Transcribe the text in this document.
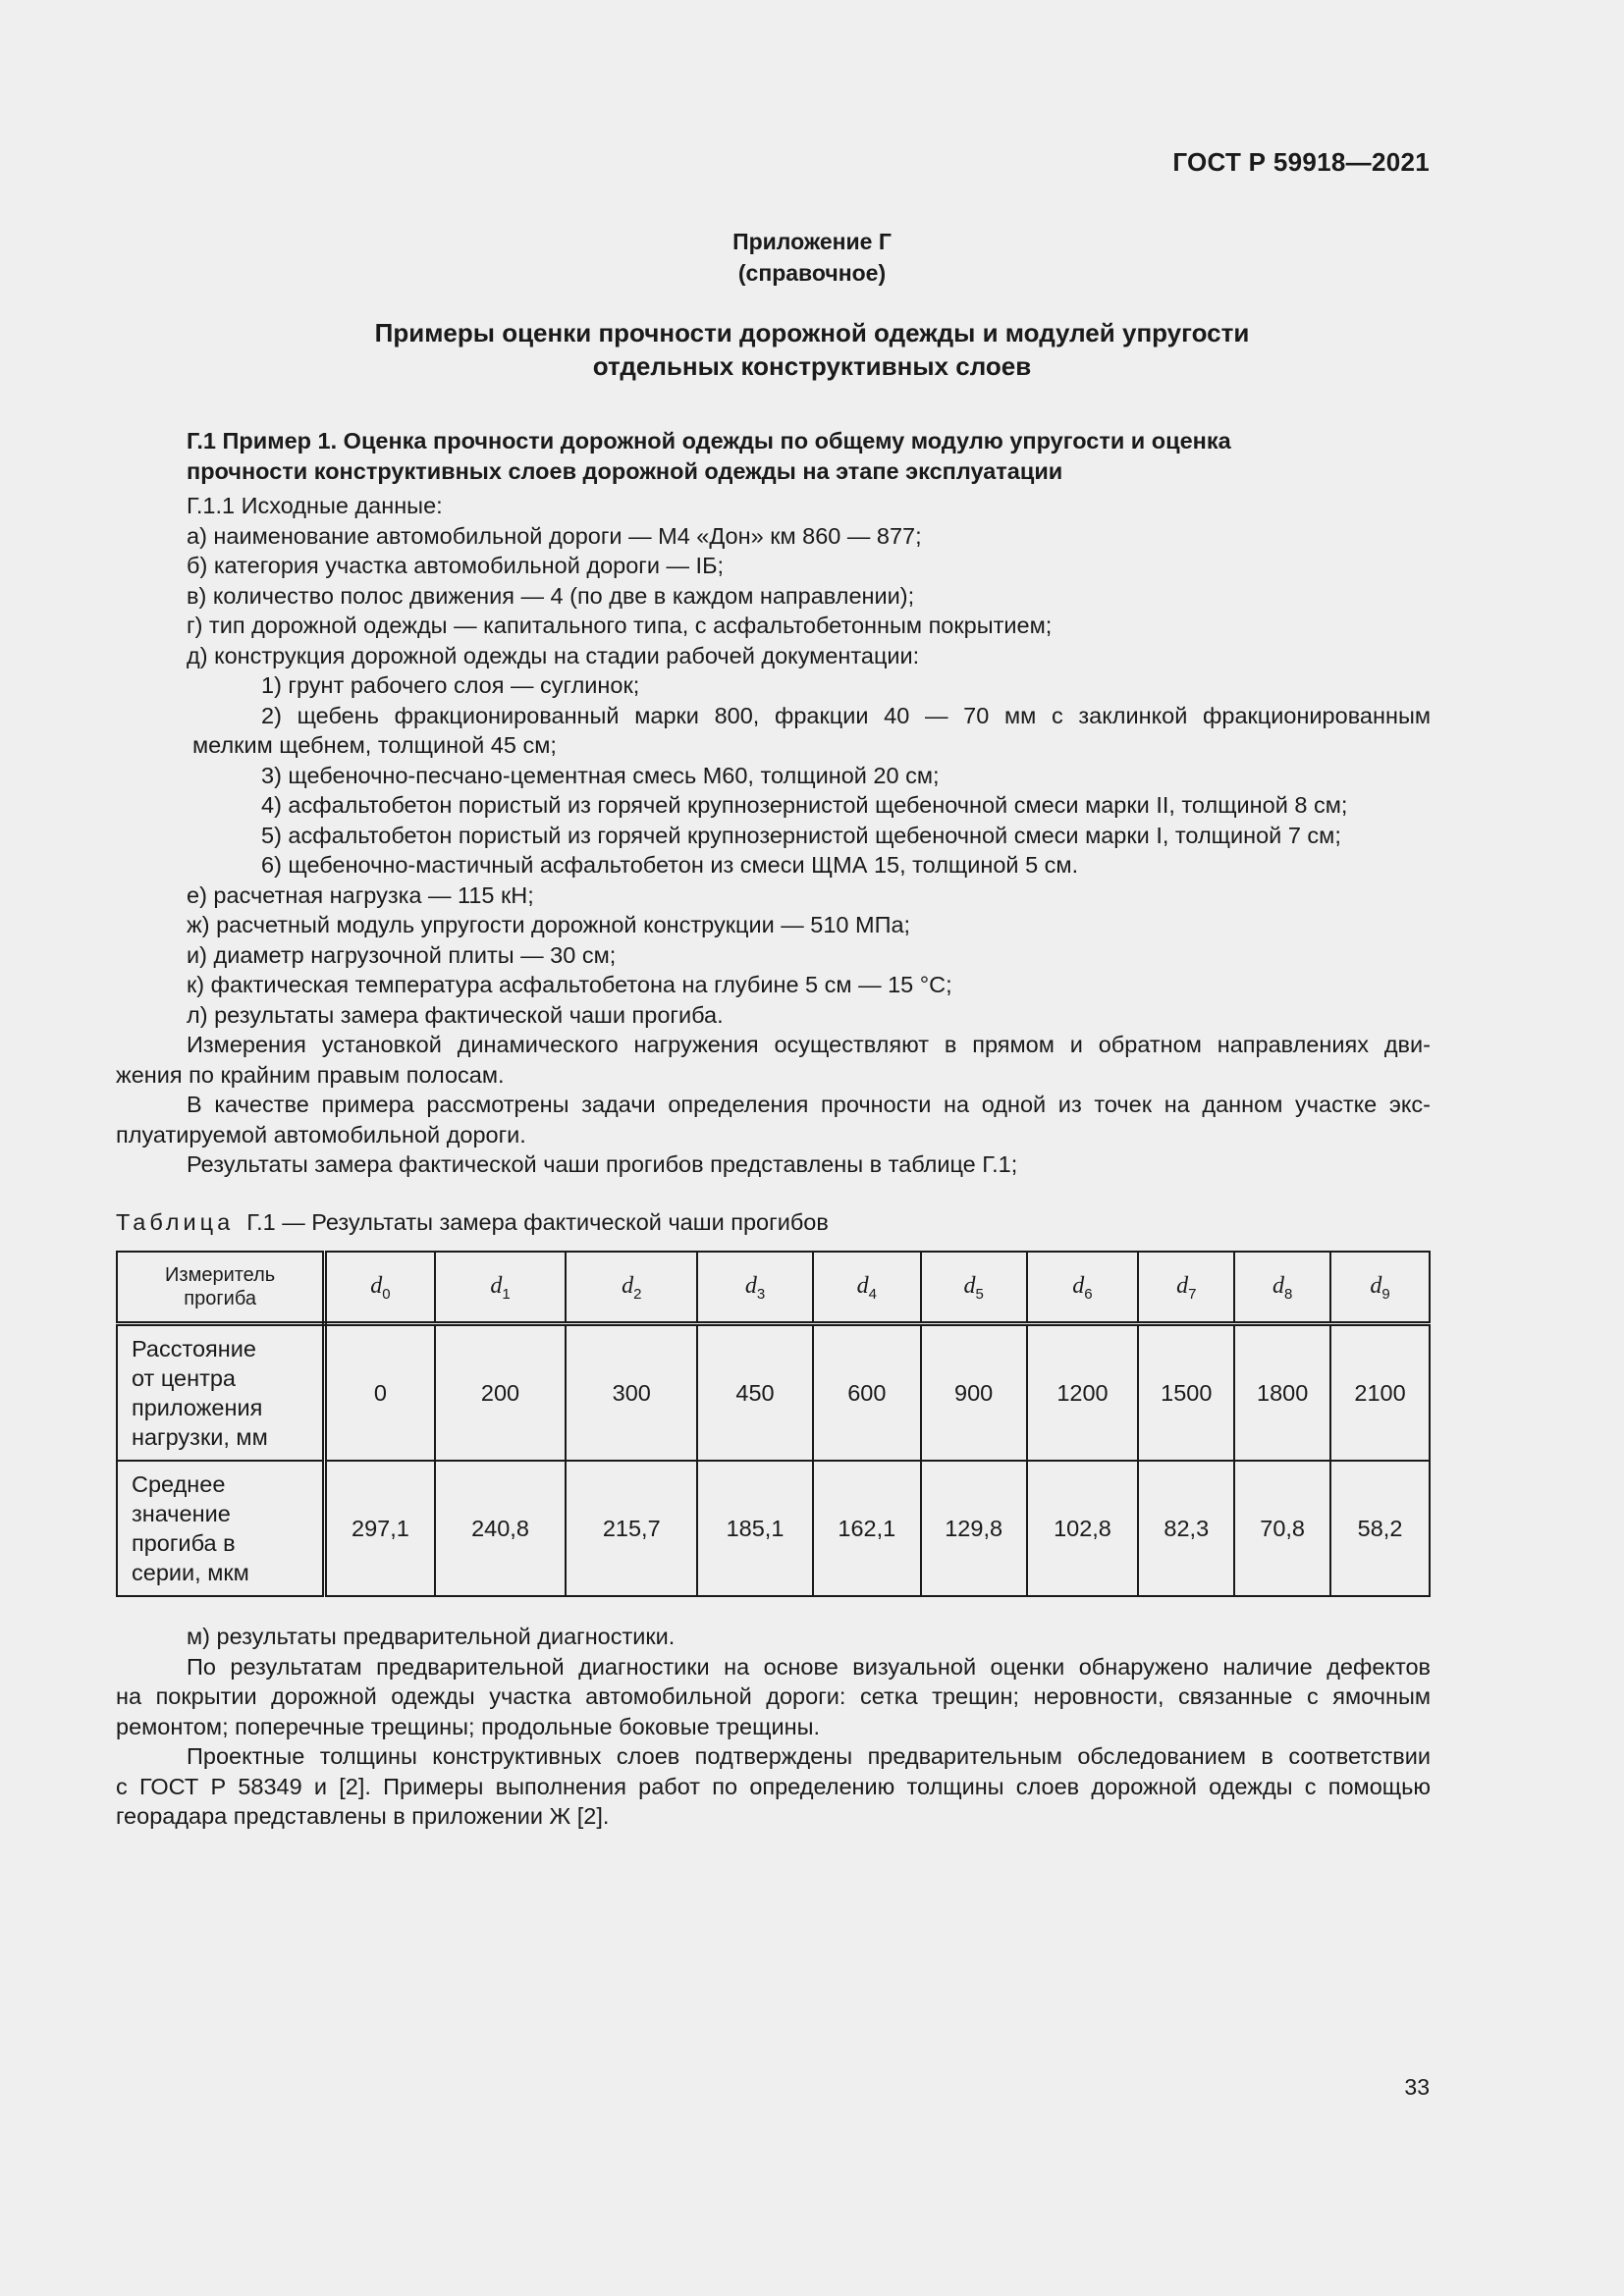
ГОСТ Р 59918—2021
Приложение Г
(справочное)
Примеры оценки прочности дорожной одежды и модулей упругости
отдельных конструктивных слоев
Г.1 Пример 1. Оценка прочности дорожной одежды по общему модулю упругости и оценка
прочности конструктивных слоев дорожной одежды на этапе эксплуатации

Г.1.1 Исходные данные:

а) наименование автомобильной дороги — М4 «Дон» км 860 — 877;

б) категория участка автомобильной дороги — IБ;

в) количество полос движения — 4 (по две в каждом направлении);

г) тип дорожной одежды — капитального типа, с асфальтобетонным покрытием;

д) конструкция дорожной одежды на стадии рабочей документации:

1) грунт рабочего слоя — суглинок;

2) щебень фракционированный марки 800, фракции 40 — 70 мм с заклинкой фракционированным

мелким щебнем, толщиной 45 см;

3) щебеночно-песчано-цементная смесь М60, толщиной 20 см;

4) асфальтобетон пористый из горячей крупнозернистой щебеночной смеси марки II, толщиной 8 см;

5) асфальтобетон пористый из горячей крупнозернистой щебеночной смеси марки I, толщиной 7 см;

6) щебеночно-мастичный асфальтобетон из смеси ЩМА 15, толщиной 5 см.

е) расчетная нагрузка — 115 кН;

ж) расчетный модуль упругости дорожной конструкции — 510 МПа;

и) диаметр нагрузочной плиты — 30 см;

к) фактическая температура асфальтобетона на глубине 5 см — 15 °С;

л) результаты замера фактической чаши прогиба.

Измерения установкой динамического нагружения осуществляют в прямом и обратном направлениях дви-

жения по крайним правым полосам.

В качестве примера рассмотрены задачи определения прочности на одной из точек на данном участке экс-

плуатируемой автомобильной дороги.

Результаты замера фактической чаши прогибов представлены в таблице Г.1;

Таблица Г.1 — Результаты замера фактической чаши прогибов
Измеритель
прогиба	$d_0$	$d_1$	$d_2$	$d_3$	$d_4$	$d_5$	$d_6$	$d_7$	$d_8$	$d_9$

Расстояние
от центра
приложения
нагрузки, мм	0	200	300	450	600	900	1200	1500	1800	2100

Среднее
значение
прогиба в
серии, мкм	297,1	240,8	215,7	185,1	162,1	129,8	102,8	82,3	70,8	58,2

м) результаты предварительной диагностики.

По результатам предварительной диагностики на основе визуальной оценки обнаружено наличие дефектов

на покрытии дорожной одежды участка автомобильной дороги: сетка трещин; неровности, связанные с ямочным

ремонтом; поперечные трещины; продольные боковые трещины.

Проектные толщины конструктивных слоев подтверждены предварительным обследованием в соответствии

с ГОСТ Р 58349 и [2]. Примеры выполнения работ по определению толщины слоев дорожной одежды с помощью

георадара представлены в приложении Ж [2].

33
